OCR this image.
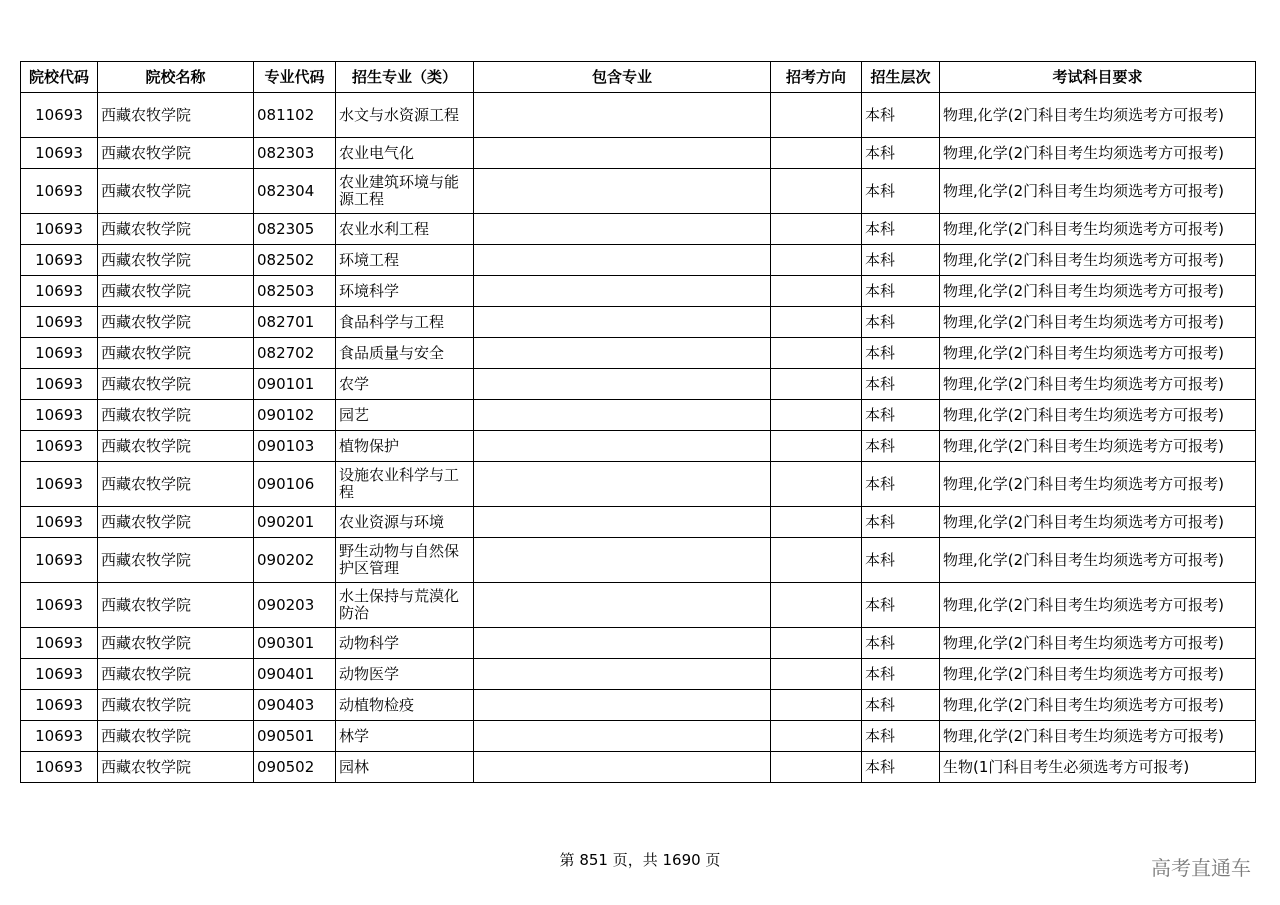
院校代码	院校名称	专业代码	招生专业（类）	包含专业	招考方向	招生层次	考试科目要求
10693	西藏农牧学院	081102	水文与水资源工程			本科	物理,化学(2门科目考生均须选考方可报考)
10693	西藏农牧学院	082303	农业电气化			本科	物理,化学(2门科目考生均须选考方可报考)
10693	西藏农牧学院	082304	农业建筑环境与能源工程			本科	物理,化学(2门科目考生均须选考方可报考)
10693	西藏农牧学院	082305	农业水利工程			本科	物理,化学(2门科目考生均须选考方可报考)
10693	西藏农牧学院	082502	环境工程			本科	物理,化学(2门科目考生均须选考方可报考)
10693	西藏农牧学院	082503	环境科学			本科	物理,化学(2门科目考生均须选考方可报考)
10693	西藏农牧学院	082701	食品科学与工程			本科	物理,化学(2门科目考生均须选考方可报考)
10693	西藏农牧学院	082702	食品质量与安全			本科	物理,化学(2门科目考生均须选考方可报考)
10693	西藏农牧学院	090101	农学			本科	物理,化学(2门科目考生均须选考方可报考)
10693	西藏农牧学院	090102	园艺			本科	物理,化学(2门科目考生均须选考方可报考)
10693	西藏农牧学院	090103	植物保护			本科	物理,化学(2门科目考生均须选考方可报考)
10693	西藏农牧学院	090106	设施农业科学与工程			本科	物理,化学(2门科目考生均须选考方可报考)
10693	西藏农牧学院	090201	农业资源与环境			本科	物理,化学(2门科目考生均须选考方可报考)
10693	西藏农牧学院	090202	野生动物与自然保护区管理			本科	物理,化学(2门科目考生均须选考方可报考)
10693	西藏农牧学院	090203	水土保持与荒漠化防治			本科	物理,化学(2门科目考生均须选考方可报考)
10693	西藏农牧学院	090301	动物科学			本科	物理,化学(2门科目考生均须选考方可报考)
10693	西藏农牧学院	090401	动物医学			本科	物理,化学(2门科目考生均须选考方可报考)
10693	西藏农牧学院	090403	动植物检疫			本科	物理,化学(2门科目考生均须选考方可报考)
10693	西藏农牧学院	090501	林学			本科	物理,化学(2门科目考生均须选考方可报考)
10693	西藏农牧学院	090502	园林			本科	生物(1门科目考生必须选考方可报考)
第 851 页，共 1690 页	高考直通车
